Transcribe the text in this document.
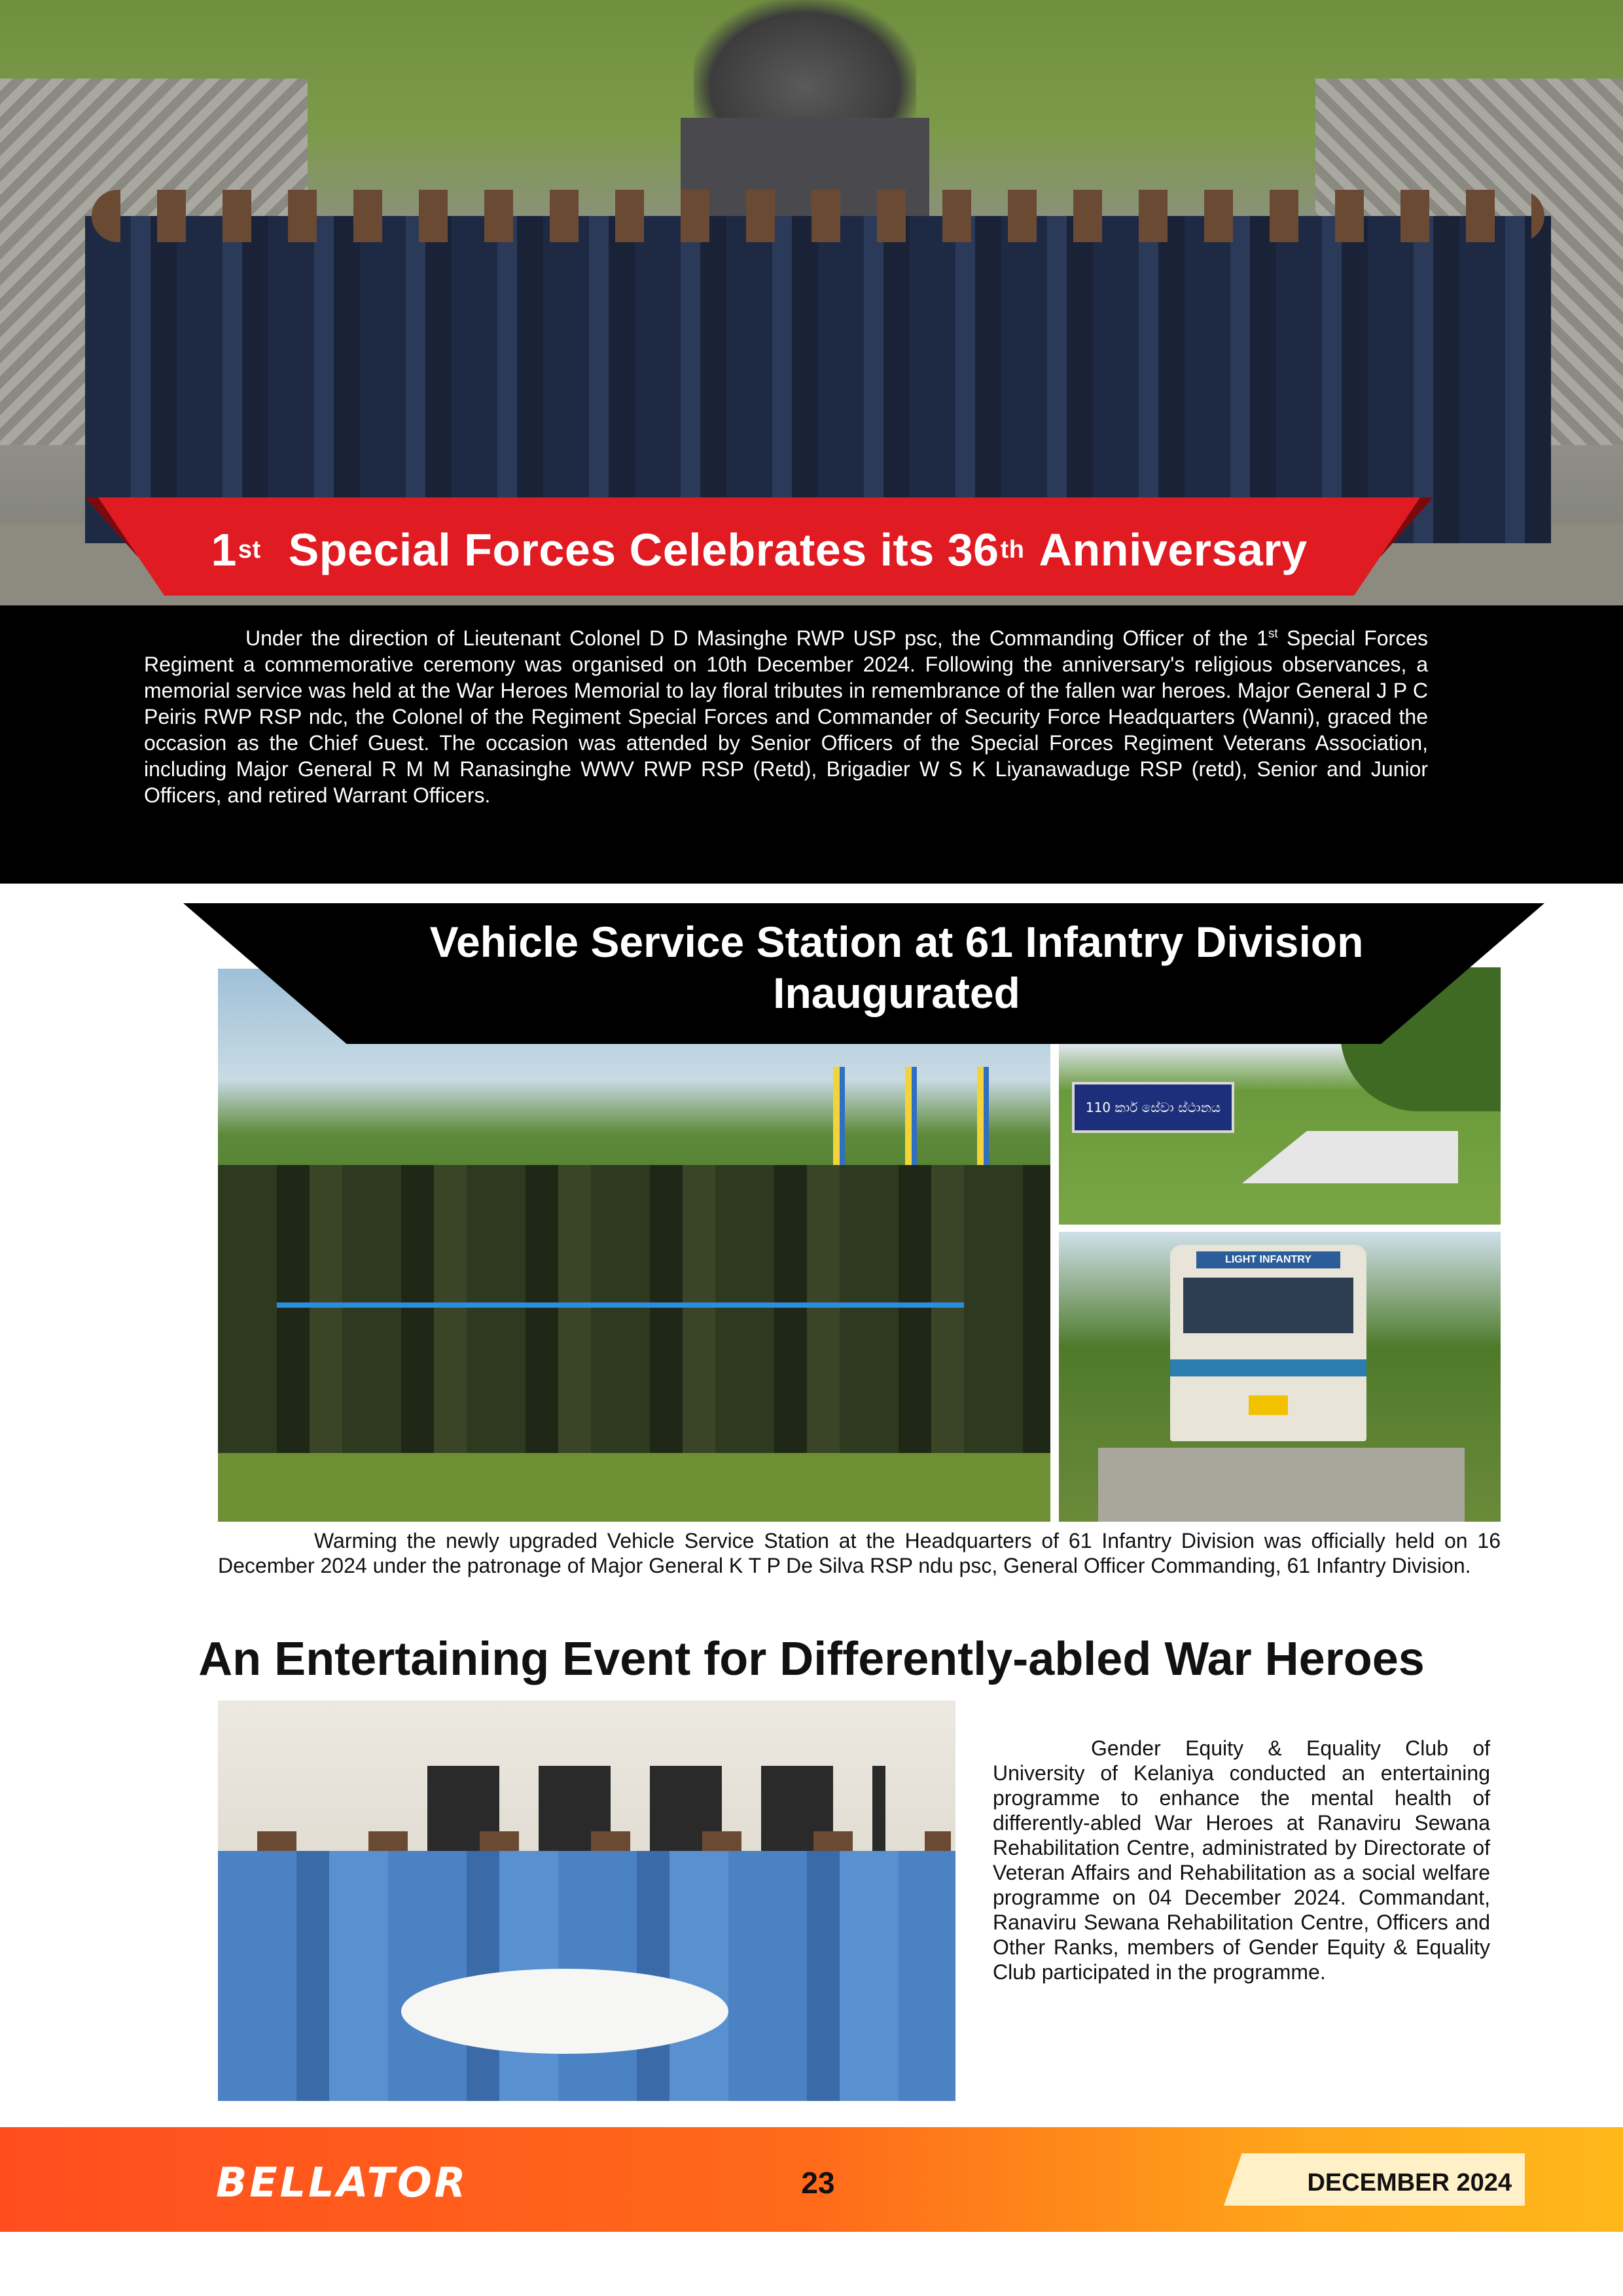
1 st
Special Forces Celebrates its 36 th
Anniversary

Under the direction of Lieutenant Colonel D D Masinghe RWP USP psc, the Commanding Officer of the 1st Special Forces Regiment a commemorative ceremony was organised on 10th December 2024. Following the anniversary's religious observances, a memorial service was held at the War Heroes Memorial to lay floral tributes in remembrance of the fallen war heroes. Major General J P C Peiris RWP RSP ndc, the Colonel of the Regiment Special Forces and Commander of Security Force Headquarters (Wanni), graced the occasion as the Chief Guest. The occasion was attended by Senior Officers of the Special Forces Regiment Veterans Association, including Major General R M M Ranasinghe WWV RWP RSP (Retd), Brigadier W S K Liyanawaduge RSP (retd), Senior and Junior Officers, and retired Warrant Officers.

110 කාර් සේවා ස්ථානය
LIGHT INFANTRY
Vehicle Service Station at 61 Infantry Division
Inaugurated

Warming the newly upgraded Vehicle Service Station at the Headquarters of 61 Infantry Division was officially held on 16 December 2024 under the patronage of Major General K T P De Silva RSP ndu psc, General Officer Commanding, 61 Infantry Division.

An Entertaining Event for Differently-abled War Heroes

Gender Equity & Equality Club of University of Kelaniya conducted an entertaining programme to enhance the mental health of differently-abled War Heroes at Ranaviru Sewana Rehabilitation Centre, administrated by Directorate of Veteran Affairs and Rehabilitation as a social welfare programme on 04 December 2024. Commandant, Ranaviru Sewana Rehabilitation Centre, Officers and Other Ranks, members of Gender Equity & Equality Club participated in the programme.

BELLATOR	23	DECEMBER 2024
